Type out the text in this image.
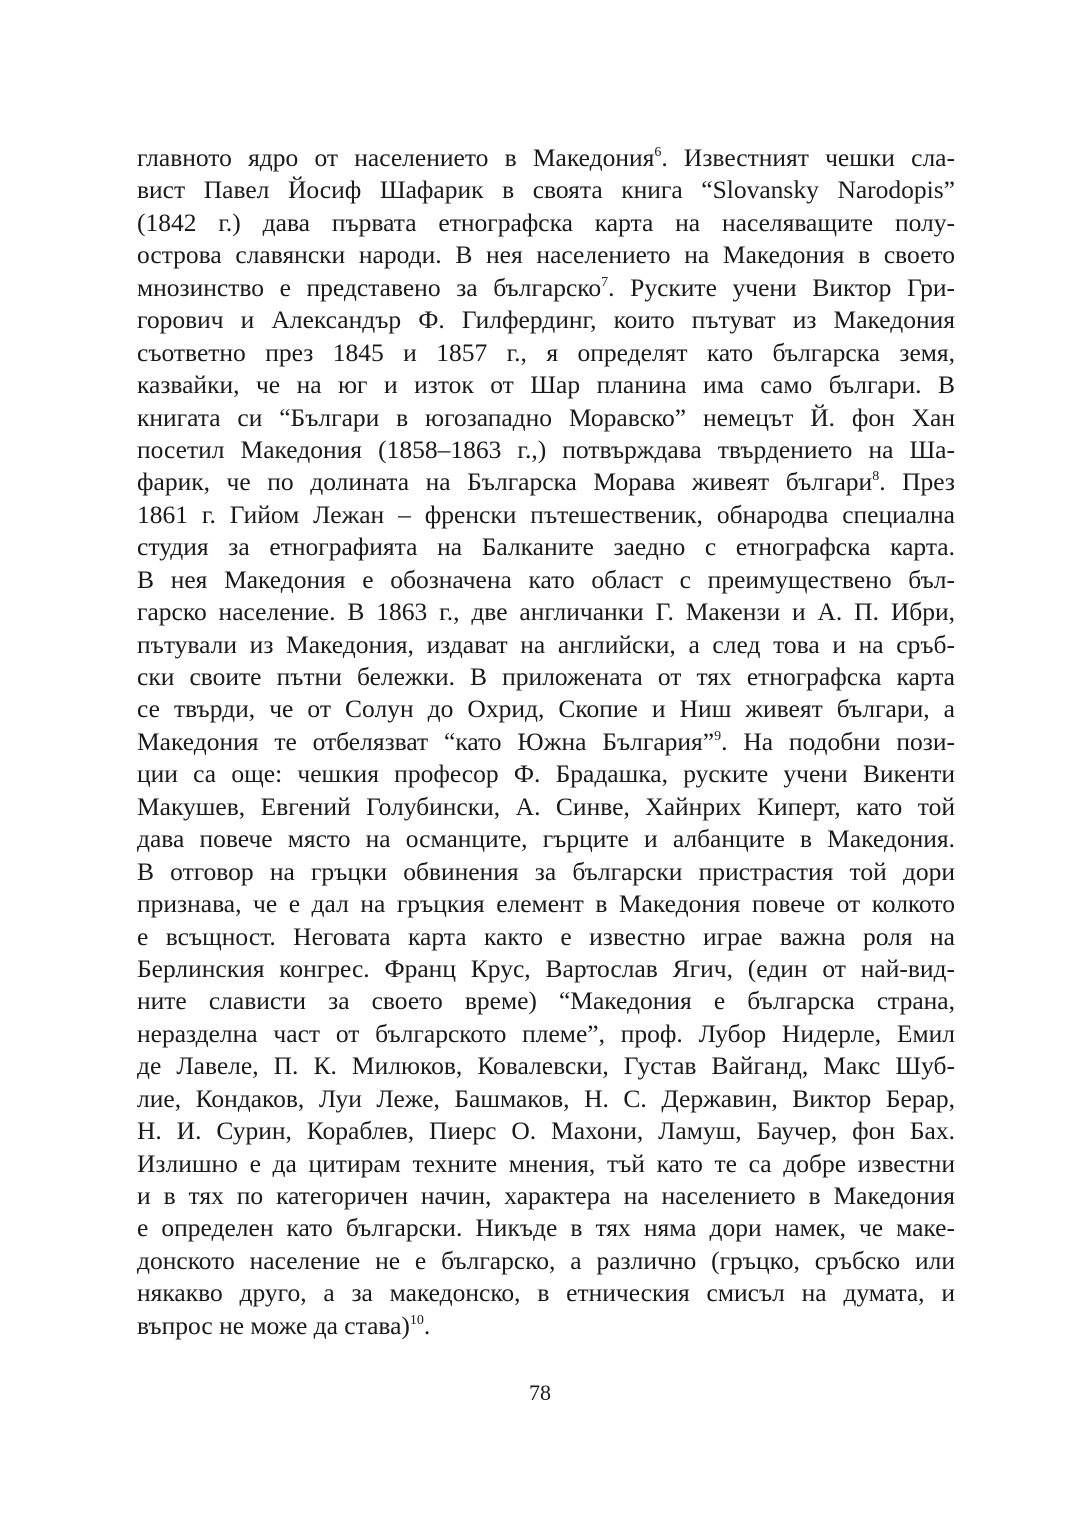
главното ядро от населението в Македония$^6$. Известният чешки сла-
вист Павел Йосиф Шафарик в своята книга “Slovansky Narodopis”
(1842 г.) дава първата етнографска карта на населяващите полу-
острова славянски народи. В нея населението на Македония в своето
мнозинство е представено за българско$^7$. Руските учени Виктор Гри-
горович и Александър Ф. Гилфердинг, които пътуват из Македония
съответно през 1845 и 1857 г., я определят като българска земя,
казвайки, че на юг и изток от Шар планина има само българи. В
книгата си “Българи в югозападно Моравско” немецът Й. фон Хан
посетил Македония (1858–1863 г.,) потвърждава твърдението на Ша-
фарик, че по долината на Българска Морава живеят българи$^8$. През
1861 г. Гийом Лежан – френски пътешественик, обнародва специална
студия за етнографията на Балканите заедно с етнографска карта.
В нея Македония е обозначена като област с преимуществено бъл-
гарско население. В 1863 г., две англичанки Г. Макензи и А. П. Ибри,
пътували из Македония, издават на английски, а след това и на сръб-
ски своите пътни бележки. В приложената от тях етнографска карта
се твърди, че от Солун до Охрид, Скопие и Ниш живеят българи, а
Македония те отбелязват “като Южна България”$^9$. На подобни пози-
ции са още: чешкия професор Ф. Брадашка, руските учени Викенти
Макушев, Евгений Голубински, А. Синве, Хайнрих Киперт, като той
дава повече място на османците, гърците и албанците в Македония.
В отговор на гръцки обвинения за български пристрастия той дори
признава, че е дал на гръцкия елемент в Македония повече от колкото
е всъщност. Неговата карта както е известно играе важна роля на
Берлинския конгрес. Франц Крус, Вартослав Ягич, (един от най-вид-
ните слависти за своето време) “Македония е българска страна,
неразделна част от българското племе”, проф. Лубор Нидерле, Емил
де Лавеле, П. К. Милюков, Ковалевски, Густав Вайганд, Макс Шуб-
лие, Кондаков, Луи Леже, Башмаков, Н. С. Державин, Виктор Берар,
Н. И. Сурин, Кораблев, Пиерс О. Махони, Ламуш, Баучер, фон Бах.
Излишно е да цитирам техните мнения, тъй като те са добре известни
и в тях по категоричен начин, характера на населението в Македония
е определен като български. Никъде в тях няма дори намек, че маке-
донското население не е българско, а различно (гръцко, сръбско или
някакво друго, а за македонско, в етническия смисъл на думата, и
въпрос не може да става)$^{10}$.
78
